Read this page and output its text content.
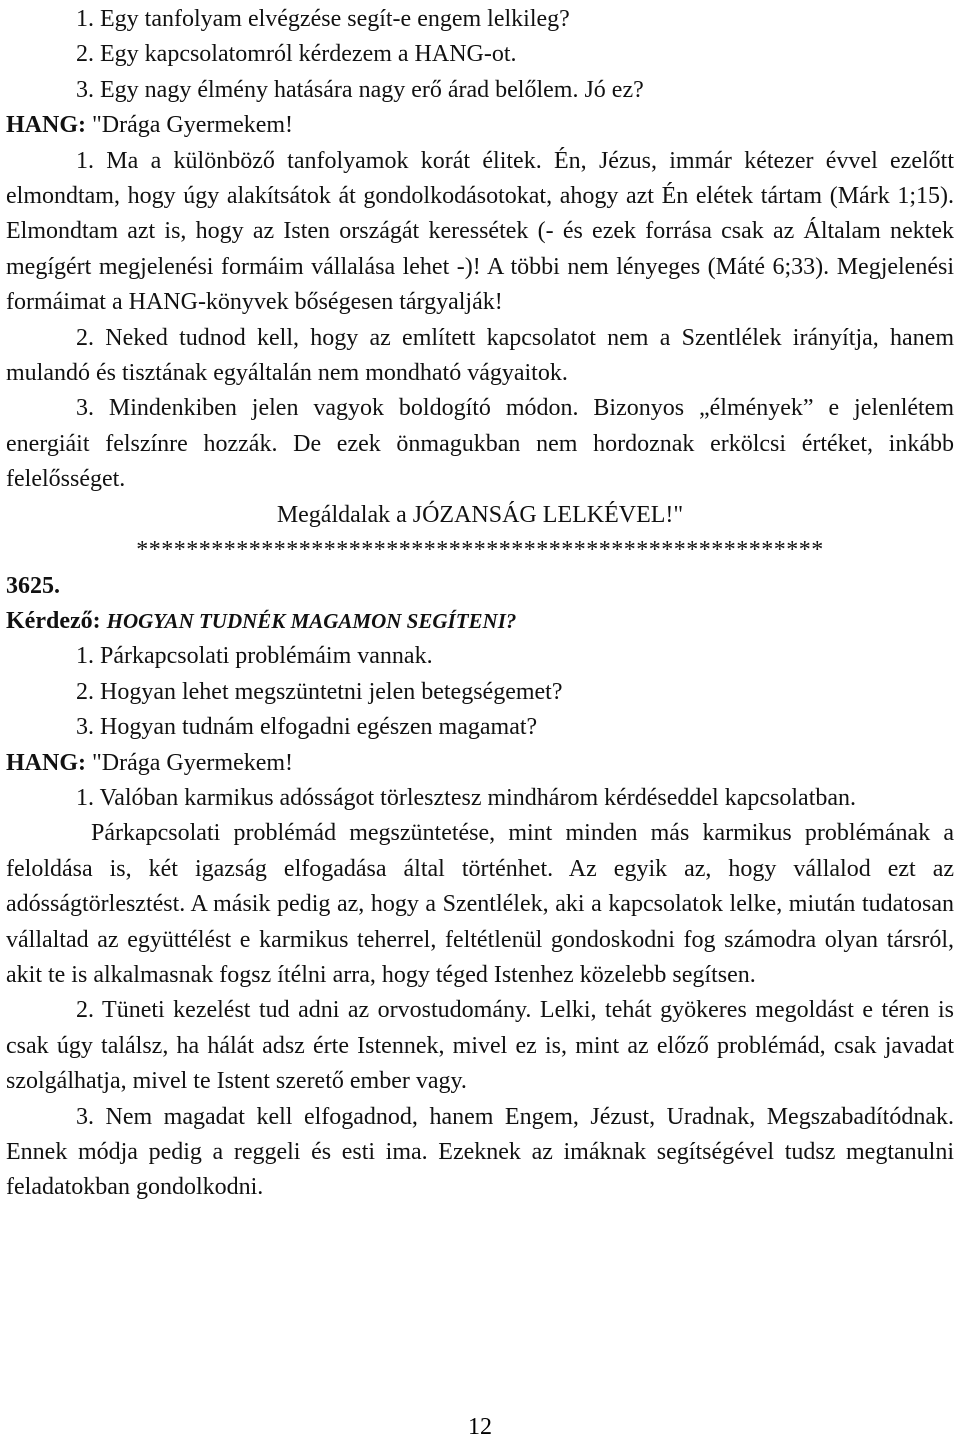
1. Egy tanfolyam elvégzése segít-e engem lelkileg?

2. Egy kapcsolatomról kérdezem a HANG-ot.

3. Egy nagy élmény hatására nagy erő árad belőlem. Jó ez?

HANG: "Drága Gyermekem!

1. Ma a különböző tanfolyamok korát élitek. Én, Jézus, immár kétezer évvel ezelőtt elmondtam, hogy úgy alakítsátok át gondolkodásotokat, ahogy azt Én elétek tártam (Márk 1;15). Elmondtam azt is, hogy az Isten országát keressétek (- és ezek forrása csak az Általam nektek megígért megjelenési formáim vállalása lehet -)! A többi nem lényeges (Máté 6;33). Megjelenési formáimat a HANG-könyvek bőségesen tárgyalják!

2. Neked tudnod kell, hogy az említett kapcsolatot nem a Szentlélek irányítja, hanem mulandó és tisztának egyáltalán nem mondható vágyaitok.

3. Mindenkiben jelen vagyok boldogító módon. Bizonyos „élmények” e jelenlétem energiáit felszínre hozzák. De ezek önmagukban nem hordoznak erkölcsi értéket, inkább felelősséget.

Megáldalak a JÓZANSÁG LELKÉVEL!"

*******************************************************

3625.

Kérdező: HOGYAN TUDNÉK MAGAMON SEGÍTENI?

1. Párkapcsolati problémáim vannak.

2. Hogyan lehet megszüntetni jelen betegségemet?

3. Hogyan tudnám elfogadni egészen magamat?

HANG: "Drága Gyermekem!

1. Valóban karmikus adósságot törlesztesz mindhárom kérdéseddel kapcsolatban.

Párkapcsolati problémád megszüntetése, mint minden más karmikus problémának a feloldása is, két igazság elfogadása által történhet. Az egyik az, hogy vállalod ezt az adósságtörlesztést. A másik pedig az, hogy a Szentlélek, aki a kapcsolatok lelke, miután tudatosan vállaltad az együttélést e karmikus teherrel, feltétlenül gondoskodni fog számodra olyan társról, akit te is alkalmasnak fogsz ítélni arra, hogy téged Istenhez közelebb segítsen.

2. Tüneti kezelést tud adni az orvostudomány. Lelki, tehát gyökeres megoldást e téren is csak úgy találsz, ha hálát adsz érte Istennek, mivel ez is, mint az előző problémád, csak javadat szolgálhatja, mivel te Istent szerető ember vagy.

3. Nem magadat kell elfogadnod, hanem Engem, Jézust, Uradnak, Megszabadítódnak. Ennek módja pedig a reggeli és esti ima. Ezeknek az imáknak segítségével tudsz megtanulni feladatokban gondolkodni.

12
